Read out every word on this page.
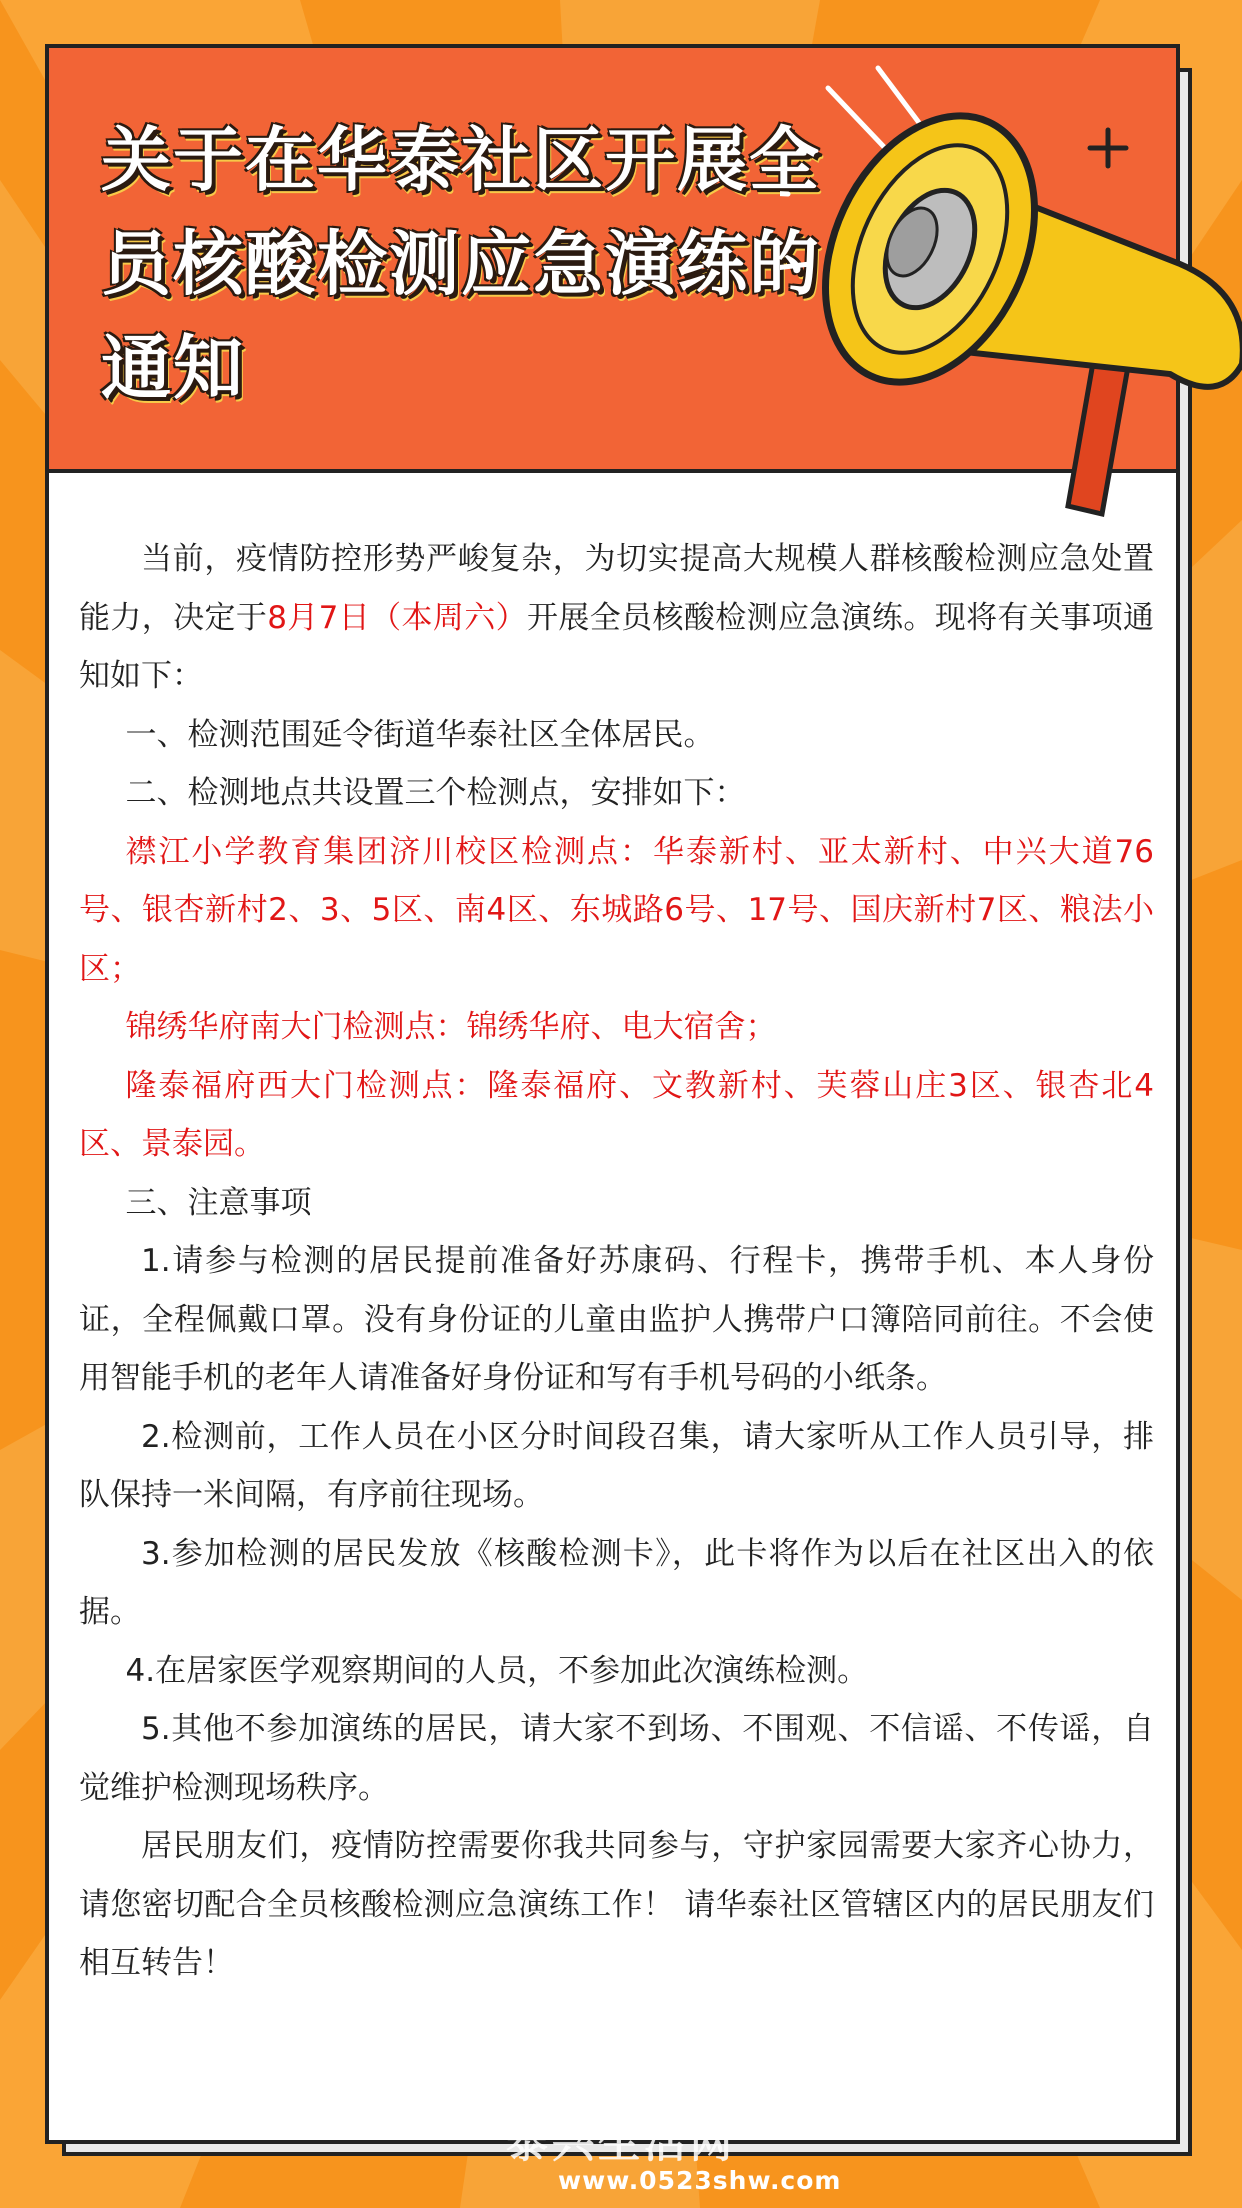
关于在华泰社区开展全员核酸检测应急演练的通知

当前，疫情防控形势严峻复杂，为切实提高大规模人群核酸检测应急处置能力，决定于8月7日（本周六）开展全员核酸检测应急演练。现将有关事项通知如下：

一、检测范围延令街道华泰社区全体居民。

二、检测地点共设置三个检测点，安排如下：

襟江小学教育集团济川校区检测点：华泰新村、亚太新村、中兴大道76号、银杏新村2、3、5区、南4区、东城路6号、17号、国庆新村7区、粮法小区；

锦绣华府南大门检测点：锦绣华府、电大宿舍；

隆泰福府西大门检测点：隆泰福府、文教新村、芙蓉山庄3区、银杏北4区、景泰园。

三、注意事项

1.请参与检测的居民提前准备好苏康码、行程卡，携带手机、本人身份证，全程佩戴口罩。没有身份证的儿童由监护人携带户口簿陪同前往。不会使用智能手机的老年人请准备好身份证和写有手机号码的小纸条。

2.检测前，工作人员在小区分时间段召集，请大家听从工作人员引导，排队保持一米间隔，有序前往现场。

3.参加检测的居民发放《核酸检测卡》，此卡将作为以后在社区出入的依据。

4.在居家医学观察期间的人员，不参加此次演练检测。

5.其他不参加演练的居民，请大家不到场、不围观、不信谣、不传谣，自觉维护检测现场秩序。

居民朋友们，疫情防控需要你我共同参与，守护家园需要大家齐心协力，请您密切配合全员核酸检测应急演练工作！ 请华泰社区管辖区内的居民朋友们相互转告！

泰兴生活网
www.0523shw.com
